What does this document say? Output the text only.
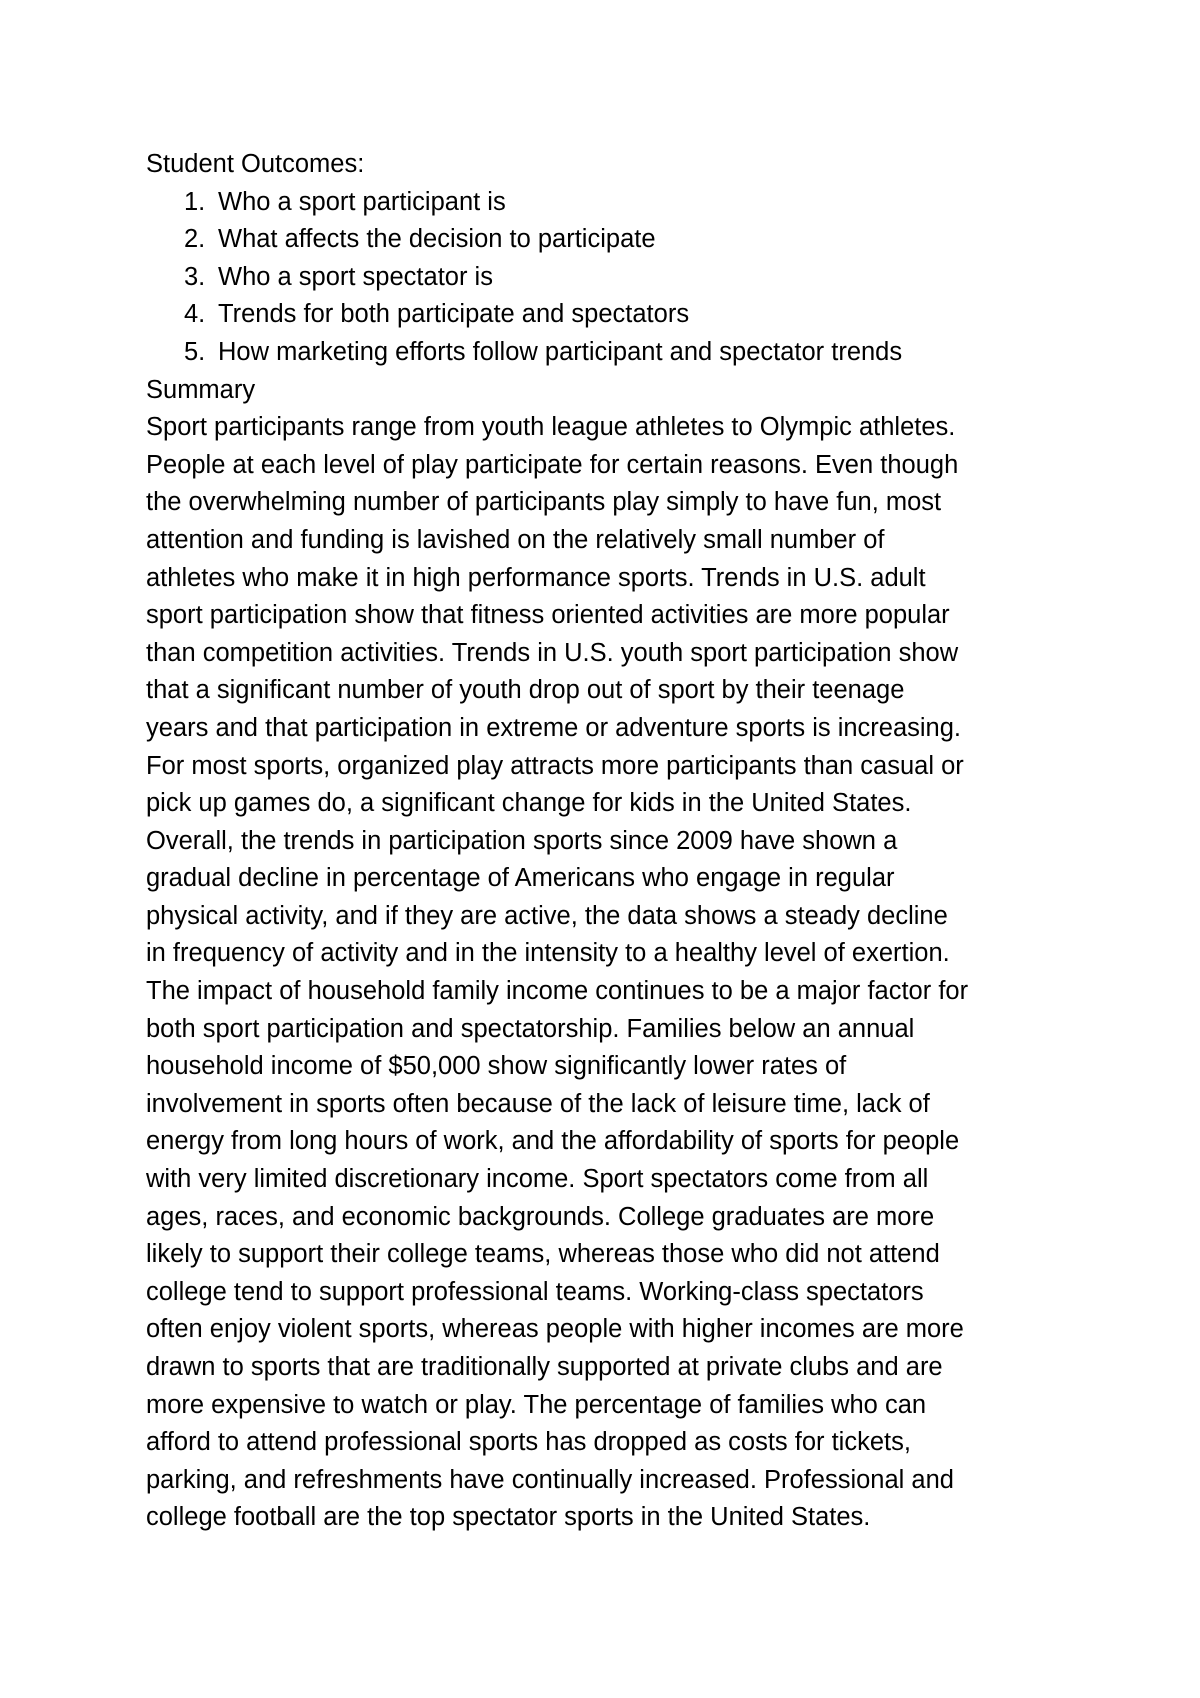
Student Outcomes:

1. Who a sport participant is
2. What affects the decision to participate
3. Who a sport spectator is
4. Trends for both participate and spectators
5. How marketing efforts follow participant and spectator trends

Summary

Sport participants range from youth league athletes to Olympic athletes.

People at each level of play participate for certain reasons. Even though

the overwhelming number of participants play simply to have fun, most

attention and funding is lavished on the relatively small number of

athletes who make it in high performance sports. Trends in U.S. adult

sport participation show that fitness oriented activities are more popular

than competition activities. Trends in U.S. youth sport participation show

that a significant number of youth drop out of sport by their teenage

years and that participation in extreme or adventure sports is increasing.

For most sports, organized play attracts more participants than casual or

pick up games do, a significant change for kids in the United States.

Overall, the trends in participation sports since 2009 have shown a

gradual decline in percentage of Americans who engage in regular

physical activity, and if they are active, the data shows a steady decline

in frequency of activity and in the intensity to a healthy level of exertion.

The impact of household family income continues to be a major factor for

both sport participation and spectatorship. Families below an annual

household income of $50,000 show significantly lower rates of

involvement in sports often because of the lack of leisure time, lack of

energy from long hours of work, and the affordability of sports for people

with very limited discretionary income. Sport spectators come from all

ages, races, and economic backgrounds. College graduates are more

likely to support their college teams, whereas those who did not attend

college tend to support professional teams. Working-class spectators

often enjoy violent sports, whereas people with higher incomes are more

drawn to sports that are traditionally supported at private clubs and are

more expensive to watch or play. The percentage of families who can

afford to attend professional sports has dropped as costs for tickets,

parking, and refreshments have continually increased. Professional and

college football are the top spectator sports in the United States.
